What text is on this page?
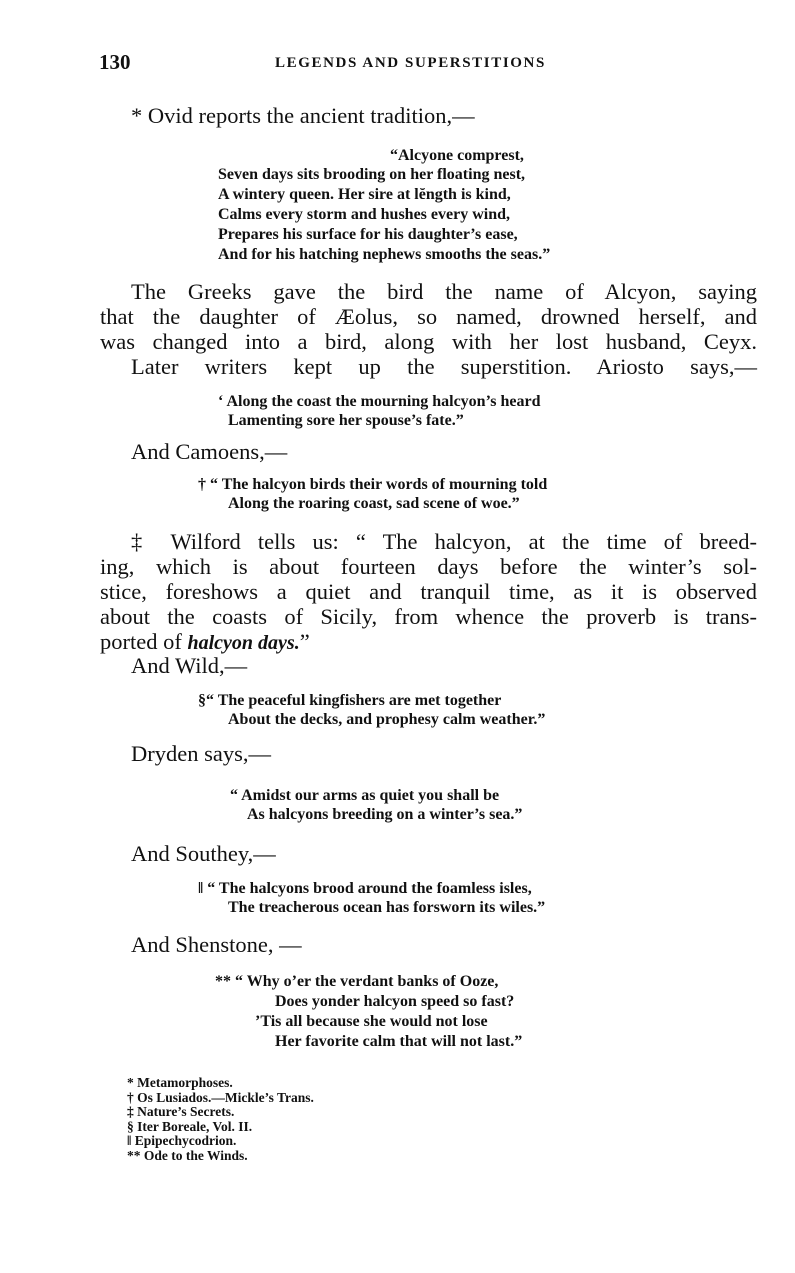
130	LEGENDS AND SUPERSTITIONS
* Ovid reports the ancient tradition,—
“Alcyone comprest,
Seven days sits brooding on her floating nest,
A wintery queen. Her sire at lĕngth is kind,
Calms every storm and hushes every wind,
Prepares his surface for his daughter’s ease,
And for his hatching nephews smooths the seas.”
The Greeks gave the bird the name of Alcyon, saying
that the daughter of Æolus, so named, drowned herself, and
was changed into a bird, along with her lost husband, Ceyx.
Later writers kept up the superstition. Ariosto says,—
‘ Along the coast the mourning halcyon’s heard
Lamenting sore her spouse’s fate.”
And Camoens,—
† “ The halcyon birds their words of mourning told
Along the roaring coast, sad scene of woe.”
‡ Wilford tells us: “ The halcyon, at the time of breed-
ing, which is about fourteen days before the winter’s sol-
stice, foreshows a quiet and tranquil time, as it is observed
about the coasts of Sicily, from whence the proverb is trans-
ported of halcyon days.”
And Wild,—
§“ The peaceful kingfishers are met together
About the decks, and prophesy calm weather.”
Dryden says,—
“ Amidst our arms as quiet you shall be
As halcyons breeding on a winter’s sea.”
And Southey,—
‖ “ The halcyons brood around the foamless isles,
The treacherous ocean has forsworn its wiles.”
And Shenstone, —
** “ Why o’er the verdant banks of Ooze,
Does yonder halcyon speed so fast?
’Tis all because she would not lose
Her favorite calm that will not last.”
* Metamorphoses.
† Os Lusiados.—Mickle’s Trans.
‡ Nature’s Secrets.
§ Iter Boreale, Vol. II.
‖ Epipechycodrion.
** Ode to the Winds.
